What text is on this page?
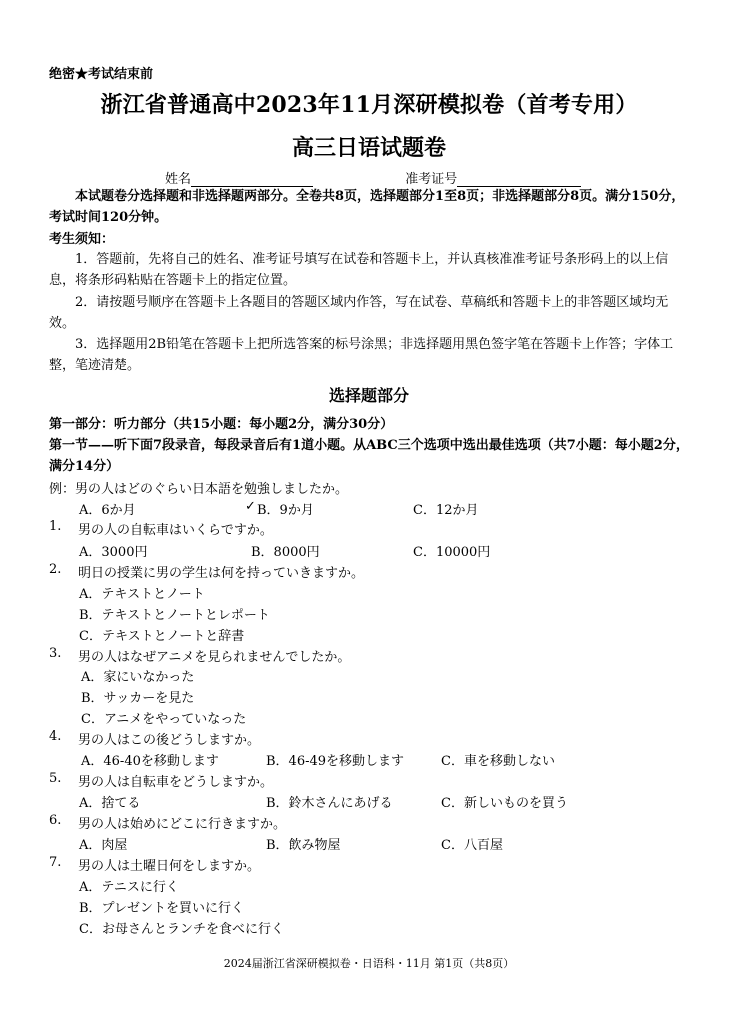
绝密★考试结束前
浙江省普通高中2023年11月深研模拟卷（首考专用）
高三日语试题卷
姓名	准考证号
本试题卷分选择题和非选择题两部分。全卷共8页，选择题部分1至8页；非选择题部分8页。满分150分，考试时间120分钟。
考生须知：
1．答题前，先将自己的姓名、准考证号填写在试卷和答题卡上，并认真核准准考证号条形码上的以上信息，将条形码粘贴在答题卡上的指定位置。
2．请按题号顺序在答题卡上各题目的答题区域内作答，写在试卷、草稿纸和答题卡上的非答题区域均无效。
3．选择题用2B铅笔在答题卡上把所选答案的标号涂黑；非选择题用黑色签字笔在答题卡上作答；字体工整，笔迹清楚。
选择题部分
第一部分：听力部分（共15小题：每小题2分，满分30分）
第一节——听下面7段录音，每段录音后有1道小题。从ABC三个选项中选出最佳选项（共7小题：每小题2分，满分14分）
例：男の人はどのぐらい日本語を勉強しましたか。
A．6か月	✓ B．9か月	C．12か月
1. 男の人の自転車はいくらですか。
A．3000円	B．8000円	C．10000円
2. 明日の授業に男の学生は何を持っていきますか。
A．テキストとノート
B．テキストとノートとレポート
C．テキストとノートと辞書
3. 男の人はなぜアニメを見られませんでしたか。
A．家にいなかった
B．サッカーを見た
C．アニメをやっていなった
4. 男の人はこの後どうしますか。
A．46-40を移動します	B．46-49を移動します	C．車を移動しない
5. 男の人は自転車をどうしますか。
A．捨てる	B．鈴木さんにあげる	C．新しいものを買う
6. 男の人は始めにどこに行きますか。
A．肉屋	B．飲み物屋	C．八百屋
7. 男の人は土曜日何をしますか。
A．テニスに行く
B．プレゼントを買いに行く
C．お母さんとランチを食べに行く
2024届浙江省深研模拟卷・日语科・11月 第1页（共8页）
